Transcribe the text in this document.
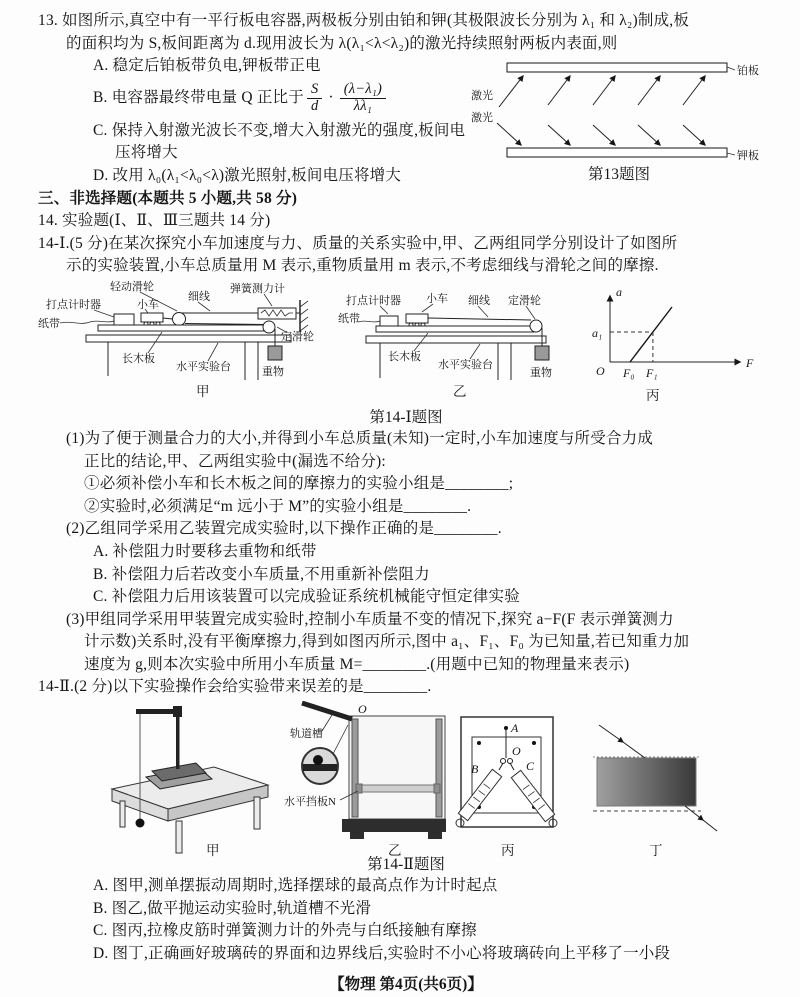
13. 如图所示,真空中有一平行板电容器,两极板分别由铂和钾(其极限波长分别为 λ₁ 和 λ₂)制成,板
的面积均为 S,板间距离为 d.现用波长为 λ(λ₁<λ<λ₂)的激光持续照射两板内表面,则
A. 稳定后铂板带负电,钾板带正电
B. 电容器最终带电量 Q 正比于 $\frac{S}{d} \cdot \frac{\text{(λ−λ₁)}}{\text{λλ₁}}$
C. 保持入射激光波长不变,增大入射激光的强度,板间电
压将增大
D. 改用 λ₀(λ₁<λ₀<λ)激光照射,板间电压将增大
铂板
激光
激光
钾板
第13题图
三、非选择题(本题共 5 小题,共 58 分)
14. 实验题(Ⅰ、Ⅱ、Ⅲ三题共 14 分)
14-Ⅰ.(5 分)在某次探究小车加速度与力、质量的关系实验中,甲、乙两组同学分别设计了如图所
示的实验装置,小车总质量用 M 表示,重物质量用 m 表示,不考虑细线与滑轮之间的摩擦.
轻动滑轮	弹簧测力计
细线
打点计时器	小车
纸带
定滑轮
重物
长木板
水平实验台
甲
打点计时器 小车 细线 定滑轮
纸带
重物
长木板
水平实验台
乙
a
a₁
O F₀ F₁
F
丙
第14-Ⅰ题图
(1)为了便于测量合力的大小,并得到小车总质量(未知)一定时,小车加速度与所受合力成
正比的结论,甲、乙两组实验中(漏选不给分):
①必须补偿小车和长木板之间的摩擦力的实验小组是________;
②实验时,必须满足“m 远小于 M”的实验小组是________.
(2)乙组同学采用乙装置完成实验时,以下操作正确的是________.
A. 补偿阻力时要移去重物和纸带
B. 补偿阻力后若改变小车质量,不用重新补偿阻力
C. 补偿阻力后用该装置可以完成验证系统机械能守恒定律实验
(3)甲组同学采用甲装置完成实验时,控制小车质量不变的情况下,探究 a−F(F 表示弹簧测力
计示数)关系时,没有平衡摩擦力,得到如图丙所示,图中 a₁、F₁、F₀ 为已知量,若已知重力加
速度为 g,则本次实验中所用小车质量 M=________.(用题中已知的物理量来表示)
14-Ⅱ.(2 分)以下实验操作会给实验带来误差的是________.
甲
O
轨道槽
水平挡板N
乙
A
O
B	C
丙	丁
第14-Ⅱ题图
A. 图甲,测单摆振动周期时,选择摆球的最高点作为计时起点
B. 图乙,做平抛运动实验时,轨道槽不光滑
C. 图丙,拉橡皮筋时弹簧测力计的外壳与白纸接触有摩擦
D. 图丁,正确画好玻璃砖的界面和边界线后,实验时不小心将玻璃砖向上平移了一小段
【物理 第4页(共6页)】
